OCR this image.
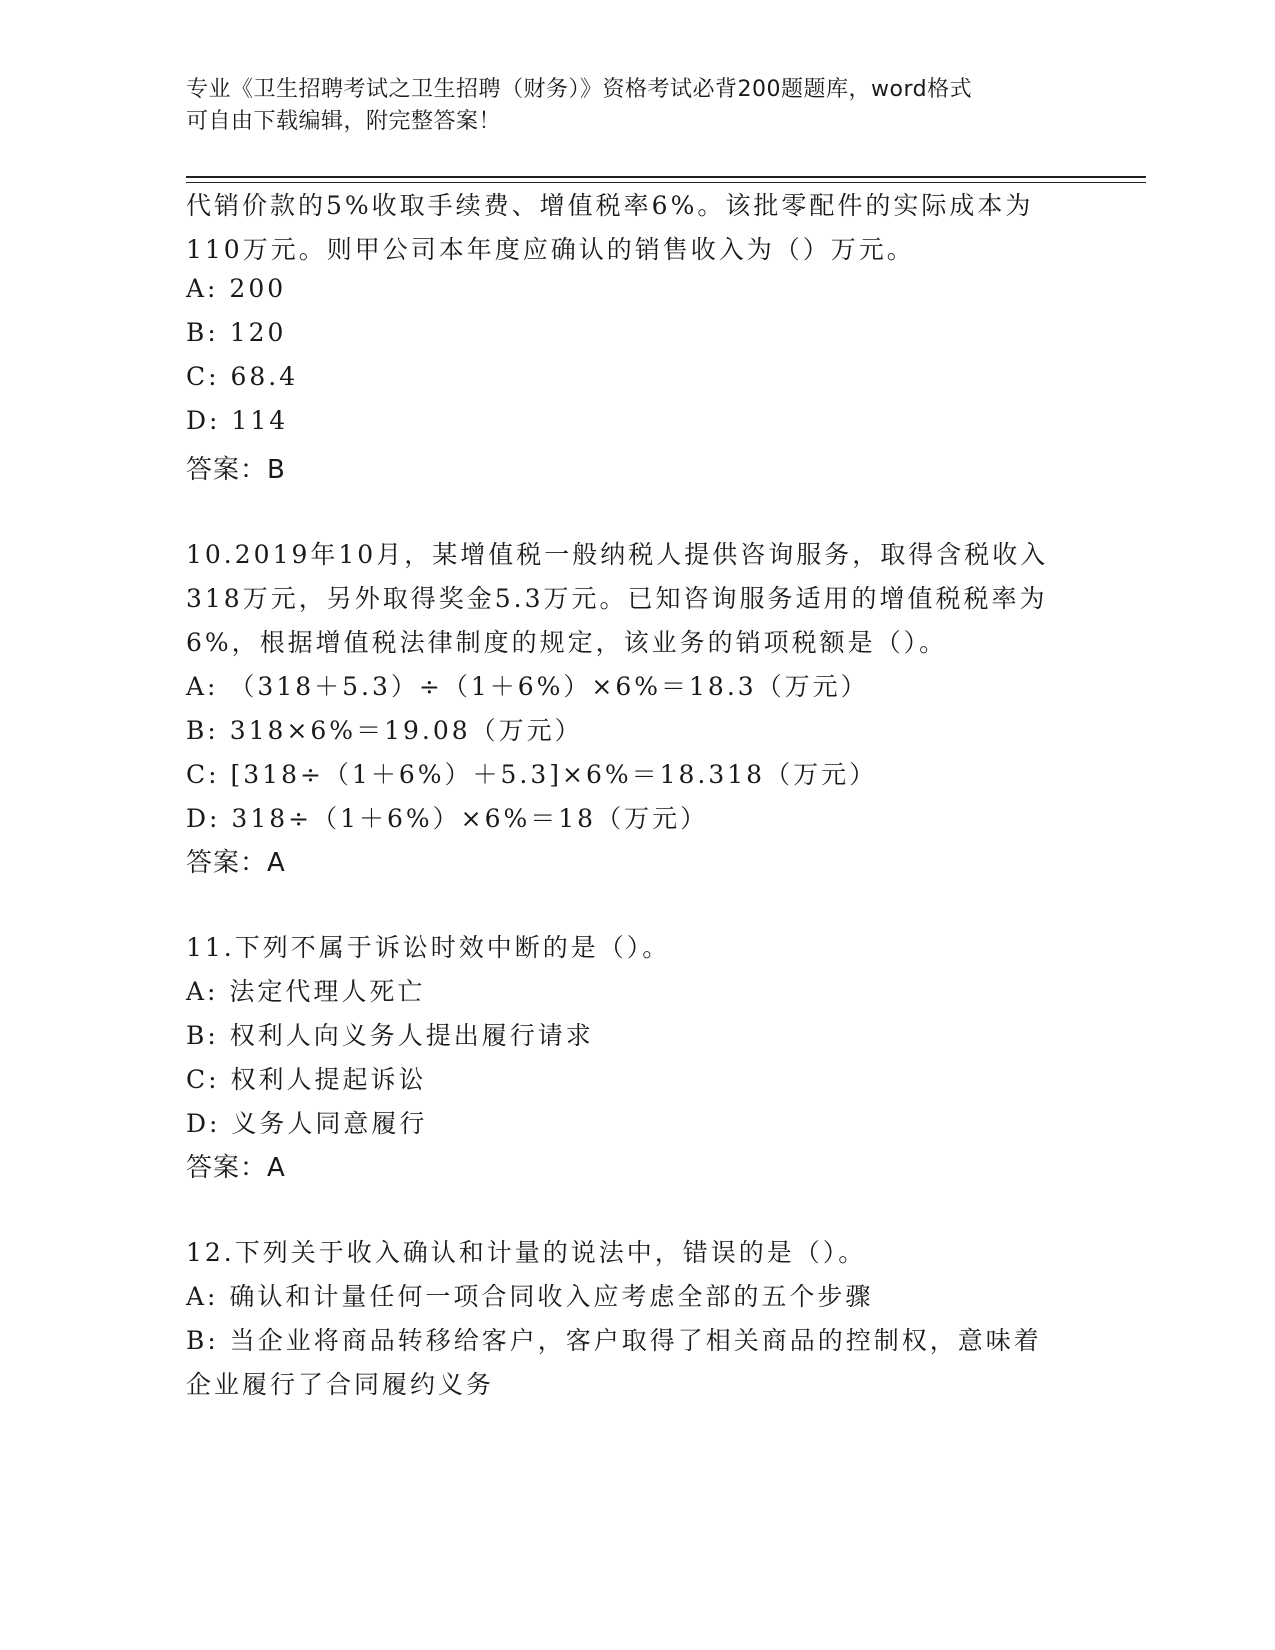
专业《卫生招聘考试之卫生招聘（财务）》资格考试必背200题题库，word格式
可自由下载编辑，附完整答案！
代销价款的5%收取手续费、增值税率6%。该批零配件的实际成本为
110万元。则甲公司本年度应确认的销售收入为（）万元。
A: 200
B: 120
C: 68.4
D: 114
答案：B
10.2019年10月，某增值税一般纳税人提供咨询服务，取得含税收入
318万元，另外取得奖金5.3万元。已知咨询服务适用的增值税税率为
6%，根据增值税法律制度的规定，该业务的销项税额是（）。
A: （318＋5.3）÷（1＋6%）×6%＝18.3（万元）
B: 318×6%＝19.08（万元）
C: [318÷（1＋6%）＋5.3]×6%＝18.318（万元）
D: 318÷（1＋6%）×6%＝18（万元）
答案：A
11.下列不属于诉讼时效中断的是（）。
A: 法定代理人死亡
B: 权利人向义务人提出履行请求
C: 权利人提起诉讼
D: 义务人同意履行
答案：A
12.下列关于收入确认和计量的说法中，错误的是（）。
A: 确认和计量任何一项合同收入应考虑全部的五个步骤
B: 当企业将商品转移给客户，客户取得了相关商品的控制权，意味着
企业履行了合同履约义务
